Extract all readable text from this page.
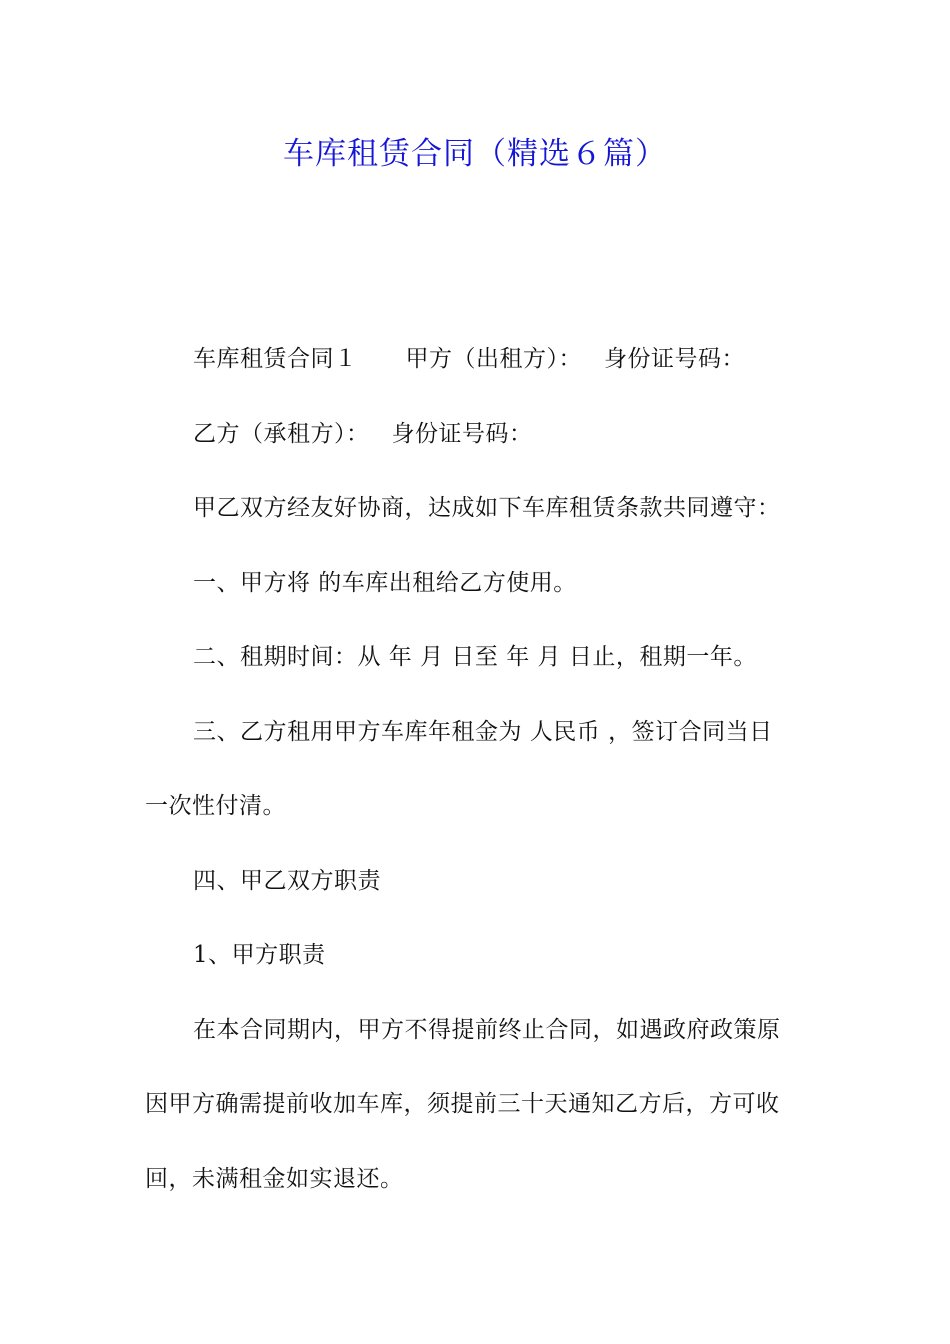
车库租赁合同（精选６篇）
车库租赁合同１ 甲方（出租方）： 身份证号码：
乙方（承租方）： 身份证号码：
甲乙双方经友好协商，达成如下车库租赁条款共同遵守：
一、甲方将 的车库出租给乙方使用。
二、租期时间：从 年 月 日至 年 月 日止，租期一年。
三、乙方租用甲方车库年租金为 人民币 ，签订合同当日
一次性付清。
四、甲乙双方职责
1、甲方职责
在本合同期内，甲方不得提前终止合同，如遇政府政策原
因甲方确需提前收加车库，须提前三十天通知乙方后，方可收
回，未满租金如实退还。
